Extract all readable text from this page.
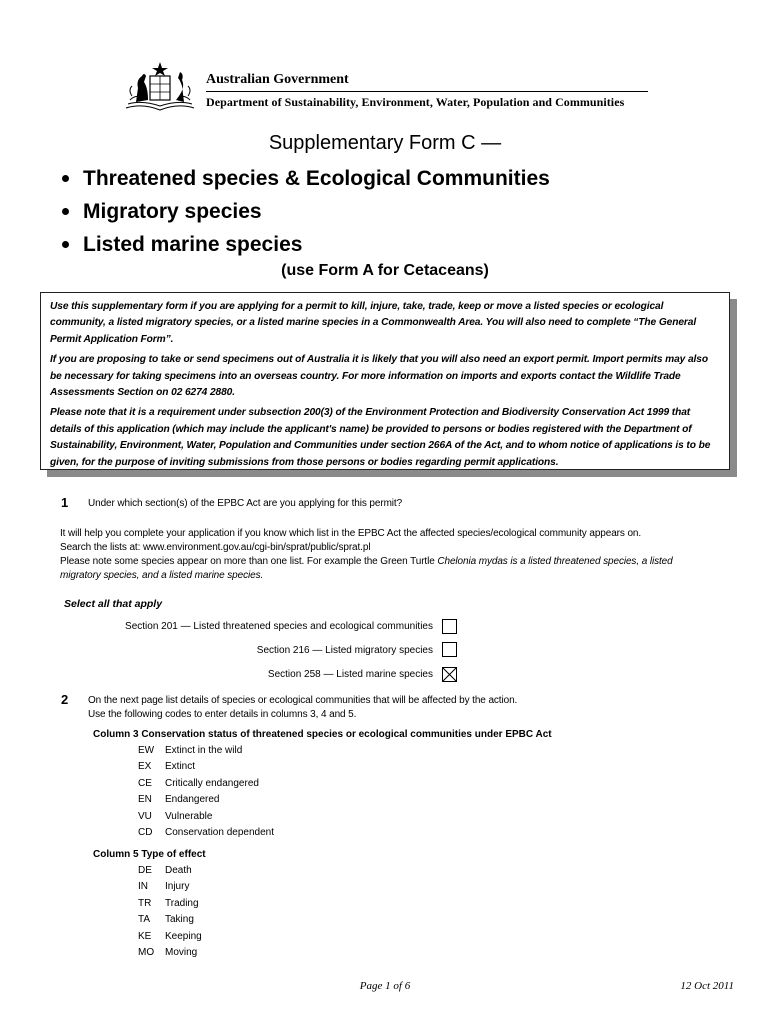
Australian Government
Department of Sustainability, Environment, Water, Population and Communities
Supplementary Form C —
Threatened species & Ecological Communities
Migratory species
Listed marine species
(use Form A for Cetaceans)

Use this supplementary form if you are applying for a permit to kill, injure, take, trade, keep or move a listed species or ecological community, a listed migratory species, or a listed marine species in a Commonwealth Area. You will also need to complete “The General Permit Application Form”.

If you are proposing to take or send specimens out of Australia it is likely that you will also need an export permit. Import permits may also be necessary for taking specimens into an overseas country. For more information on imports and exports contact the Wildlife Trade Assessments Section on 02 6274 2880.

Please note that it is a requirement under subsection 200(3) of the Environment Protection and Biodiversity Conservation Act 1999 that details of this application (which may include the applicant's name) be provided to persons or bodies registered with the Department of Sustainability, Environment, Water, Population and Communities under section 266A of the Act, and to whom notice of applications is to be given, for the purpose of inviting submissions from those persons or bodies regarding permit applications.

1 Under which section(s) of the EPBC Act are you applying for this permit?
It will help you complete your application if you know which list in the EPBC Act the affected species/ecological community appears on.
Search the lists at: www.environment.gov.au/cgi-bin/sprat/public/sprat.pl
Please note some species appear on more than one list. For example the Green Turtle Chelonia mydas is a listed threatened species, a listed
migratory species, and a listed marine species.
Select all that apply
Section 201 — Listed threatened species and ecological communities
Section 216 — Listed migratory species
Section 258 — Listed marine species
2 On the next page list details of species or ecological communities that will be affected by the action.
Use the following codes to enter details in columns 3, 4 and 5.
Column 3 Conservation status of threatened species or ecological communities under EPBC Act
EW Extinct in the wild
EX Extinct
CE Critically endangered
EN Endangered
VU Vulnerable
CD Conservation dependent
Column 5 Type of effect
DE Death
IN Injury
TR Trading
TA Taking
KE Keeping
MO Moving
Page 1 of 6	12 Oct 2011
